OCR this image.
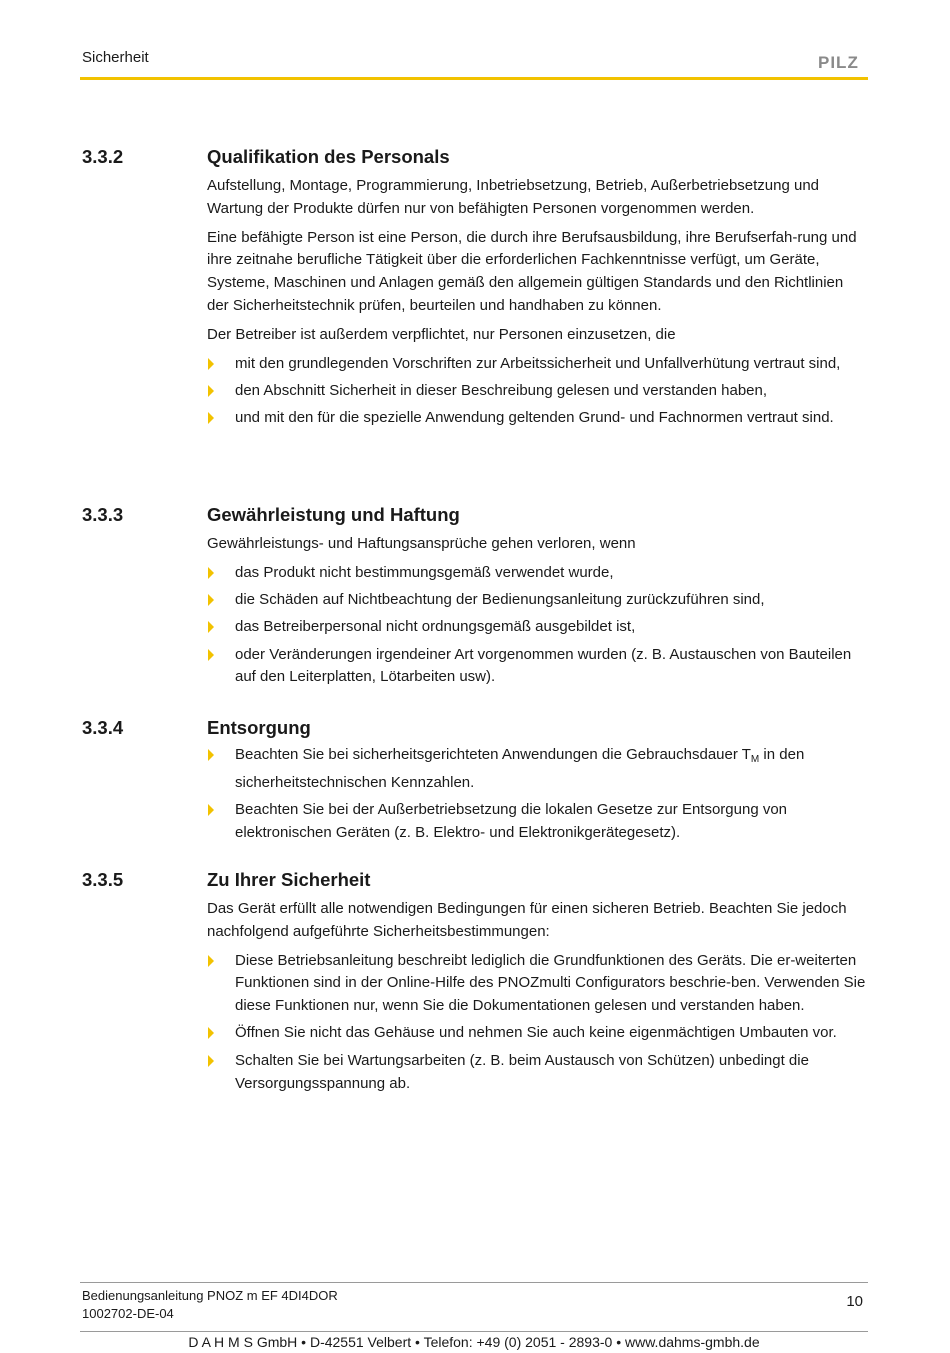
Sicherheit	PILZ
3.3.2	Qualifikation des Personals

Aufstellung, Montage, Programmierung, Inbetriebsetzung, Betrieb, Außerbetriebsetzung und Wartung der Produkte dürfen nur von befähigten Personen vorgenommen werden.

Eine befähigte Person ist eine Person, die durch ihre Berufsausbildung, ihre Berufserfah-rung und ihre zeitnahe berufliche Tätigkeit über die erforderlichen Fachkenntnisse verfügt, um Geräte, Systeme, Maschinen und Anlagen gemäß den allgemein gültigen Standards und den Richtlinien der Sicherheitstechnik prüfen, beurteilen und handhaben zu können.

Der Betreiber ist außerdem verpflichtet, nur Personen einzusetzen, die

mit den grundlegenden Vorschriften zur Arbeitssicherheit und Unfallverhütung vertraut sind,
den Abschnitt Sicherheit in dieser Beschreibung gelesen und verstanden haben,
und mit den für die spezielle Anwendung geltenden Grund- und Fachnormen vertraut sind.
3.3.3	Gewährleistung und Haftung

Gewährleistungs- und Haftungsansprüche gehen verloren, wenn

das Produkt nicht bestimmungsgemäß verwendet wurde,
die Schäden auf Nichtbeachtung der Bedienungsanleitung zurückzuführen sind,
das Betreiberpersonal nicht ordnungsgemäß ausgebildet ist,
oder Veränderungen irgendeiner Art vorgenommen wurden (z. B. Austauschen von Bauteilen auf den Leiterplatten, Lötarbeiten usw).
3.3.4	Entsorgung
Beachten Sie bei sicherheitsgerichteten Anwendungen die Gebrauchsdauer $T_M$ in den sicherheitstechnischen Kennzahlen.
Beachten Sie bei der Außerbetriebsetzung die lokalen Gesetze zur Entsorgung von elektronischen Geräten (z. B. Elektro- und Elektronikgerätegesetz).
3.3.5	Zu Ihrer Sicherheit

Das Gerät erfüllt alle notwendigen Bedingungen für einen sicheren Betrieb. Beachten Sie jedoch nachfolgend aufgeführte Sicherheitsbestimmungen:

Diese Betriebsanleitung beschreibt lediglich die Grundfunktionen des Geräts. Die er-weiterten Funktionen sind in der Online-Hilfe des PNOZmulti Configurators beschrie-ben. Verwenden Sie diese Funktionen nur, wenn Sie die Dokumentationen gelesen und verstanden haben.
Öffnen Sie nicht das Gehäuse und nehmen Sie auch keine eigenmächtigen Umbauten vor.
Schalten Sie bei Wartungsarbeiten (z. B. beim Austausch von Schützen) unbedingt die Versorgungsspannung ab.
Bedienungsanleitung PNOZ m EF 4DI4DOR
1002702-DE-04
10
D A H M S GmbH • D-42551 Velbert • Telefon: +49 (0) 2051 - 2893-0 • www.dahms-gmbh.de
